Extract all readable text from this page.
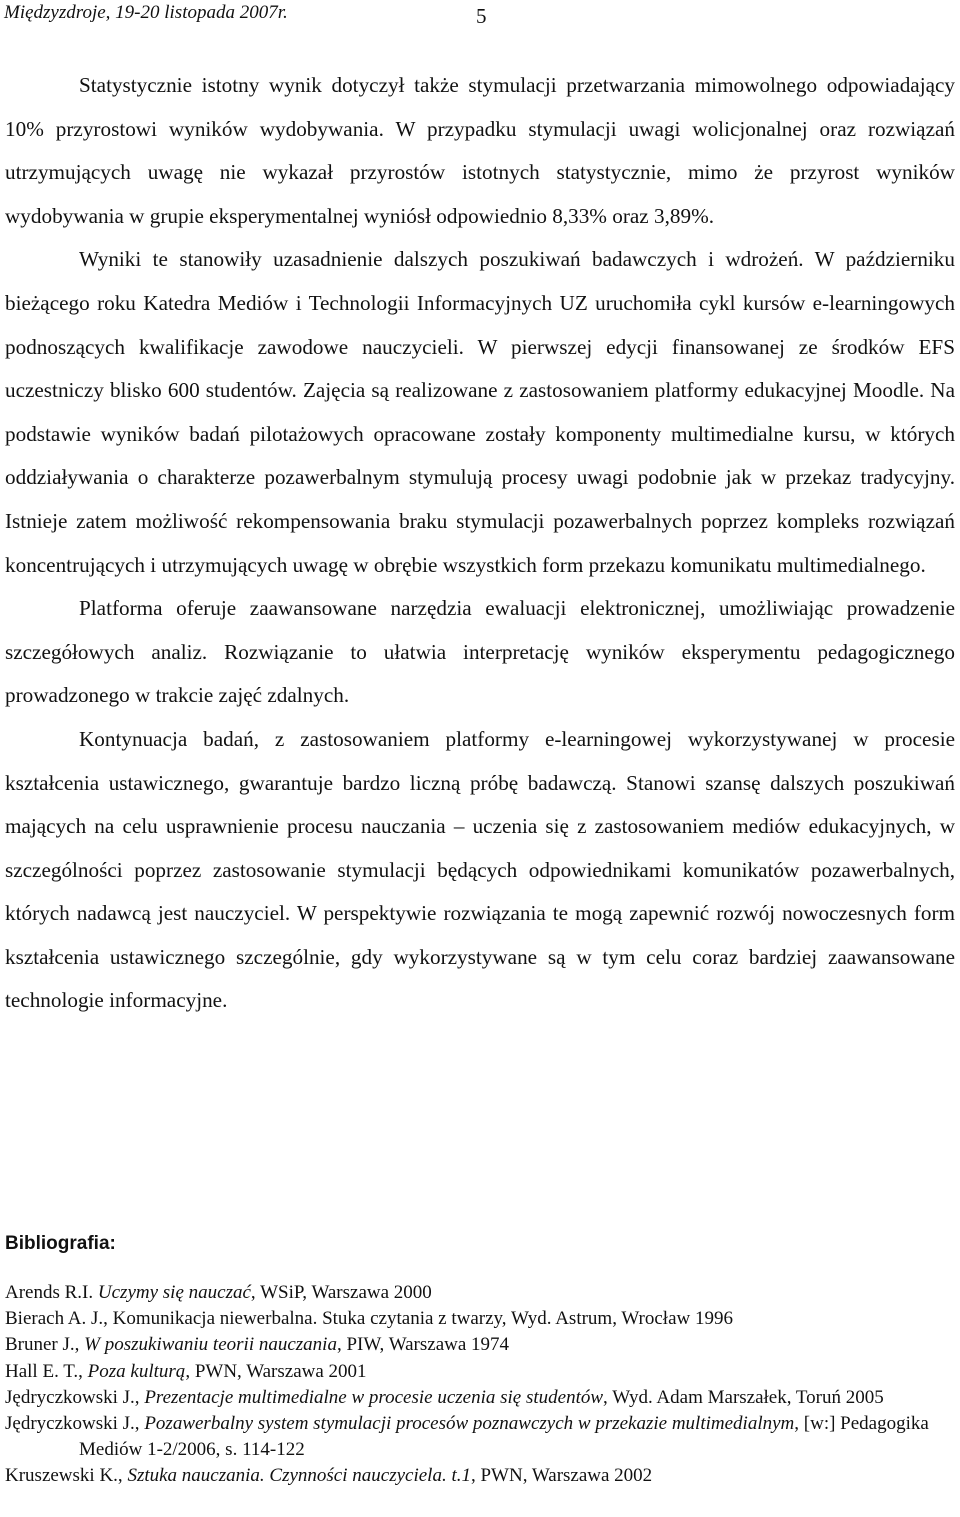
Międzyzdroje, 19-20 listopada 2007r.	5

Statystycznie istotny wynik dotyczył także stymulacji przetwarzania mimowolnego odpowiadający 10% przyrostowi wyników wydobywania. W przypadku stymulacji uwagi wolicjonalnej oraz rozwiązań utrzymujących uwagę nie wykazał przyrostów istotnych statystycznie, mimo że przyrost wyników wydobywania w grupie eksperymentalnej wyniósł odpowiednio 8,33% oraz 3,89%.

Wyniki te stanowiły uzasadnienie dalszych poszukiwań badawczych i wdrożeń. W październiku bieżącego roku Katedra Mediów i Technologii Informacyjnych UZ uruchomiła cykl kursów e-learningowych podnoszących kwalifikacje zawodowe nauczycieli. W pierwszej edycji finansowanej ze środków EFS uczestniczy blisko 600 studentów. Zajęcia są realizowane z zastosowaniem platformy edukacyjnej Moodle. Na podstawie wyników badań pilotażowych opracowane zostały komponenty multimedialne kursu, w których oddziaływania o charakterze pozawerbalnym stymulują procesy uwagi podobnie jak w przekaz tradycyjny. Istnieje zatem możliwość rekompensowania braku stymulacji pozawerbalnych poprzez kompleks rozwiązań koncentrujących i utrzymujących uwagę w obrębie wszystkich form przekazu komunikatu multimedialnego.

Platforma oferuje zaawansowane narzędzia ewaluacji elektronicznej, umożliwiając prowadzenie szczegółowych analiz. Rozwiązanie to ułatwia interpretację wyników eksperymentu pedagogicznego prowadzonego w trakcie zajęć zdalnych.

Kontynuacja badań, z zastosowaniem platformy e-learningowej wykorzystywanej w procesie kształcenia ustawicznego, gwarantuje bardzo liczną próbę badawczą. Stanowi szansę dalszych poszukiwań mających na celu usprawnienie procesu nauczania – uczenia się z zastosowaniem mediów edukacyjnych, w szczególności poprzez zastosowanie stymulacji będących odpowiednikami komunikatów pozawerbalnych, których nadawcą jest nauczyciel. W perspektywie rozwiązania te mogą zapewnić rozwój nowoczesnych form kształcenia ustawicznego szczególnie, gdy wykorzystywane są w tym celu coraz bardziej zaawansowane technologie informacyjne.

Bibliografia:
Arends R.I. Uczymy się nauczać, WSiP, Warszawa 2000
Bierach A. J., Komunikacja niewerbalna. Stuka czytania z twarzy, Wyd. Astrum, Wrocław 1996
Bruner J., W poszukiwaniu teorii nauczania, PIW, Warszawa 1974
Hall E. T., Poza kulturą, PWN, Warszawa 2001
Jędryczkowski J., Prezentacje multimedialne w procesie uczenia się studentów, Wyd. Adam Marszałek, Toruń 2005
Jędryczkowski J., Pozawerbalny system stymulacji procesów poznawczych w przekazie multimedialnym, [w:] Pedagogika Mediów 1-2/2006, s. 114-122
Kruszewski K., Sztuka nauczania. Czynności nauczyciela. t.1, PWN, Warszawa 2002
